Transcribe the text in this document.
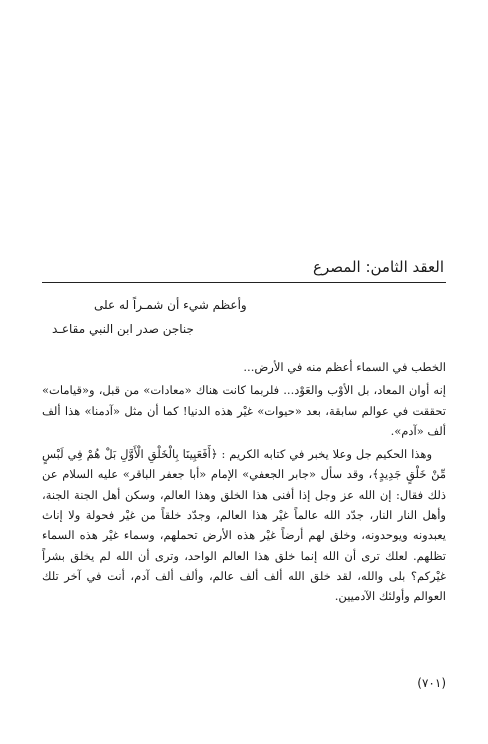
العقد الثامن: المصرع
وأعظم شيء أن شمـراً له على
جناجن صدر ابن النبي مقاعـد

الخطب في السماء أعظم منه في الأرض...

إنه أوان المعاد، بل الأوْب والعَوْد... فلربما كانت هناك «معادات» من قبل، و«قيامات» تحققت في عوالم سابقة، بعد «حيوات» غيْر هذه الدنيا! كما أن مثل «آدمنا» هذا ألف ألف «آدم».

وهذا الحكيم جل وعلا يخبر في كتابه الكريم : ﴿أَفَعَيِينَا بِالْخَلْقِ الْأَوَّلِ بَلْ هُمْ فِي لَبْسٍ مِّنْ خَلْقٍ جَدِيدٍ﴾، وقد سأل «جابر الجعفي» الإمام «أبا جعفر الباقر» عليه السلام عن ذلك فقال: إن الله عز وجل إذا أفنى هذا الخلق وهذا العالم، وسكن أهل الجنة الجنة، وأهل النار النار، جدّد الله عالماً غيْر هذا العالم، وجدّد خلقاً من غيْر فحولة ولا إناث يعبدونه ويوحدونه، وخلق لهم أرضاً غيْر هذه الأرض تحملهم، وسماء غيْر هذه السماء تظلهم. لعلك ترى أن الله إنما خلق هذا العالم الواحد، وترى أن الله لم يخلق بشراً غيْركم؟ بلى والله، لقد خلق الله ألف ألف عالم، وألف ألف آدم، أنت في آخر تلك العوالم وأولئك الآدميين.

(٧٠١)
